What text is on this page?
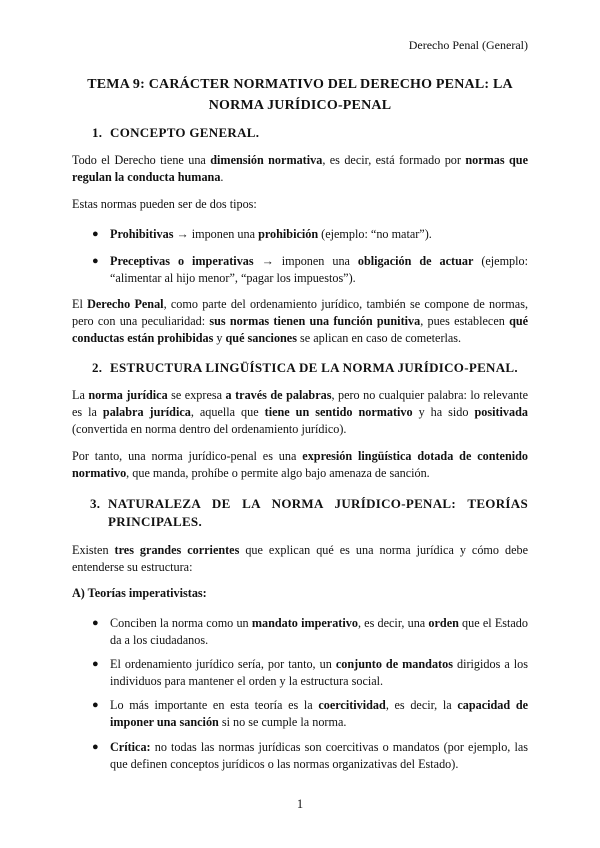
Derecho Penal (General)
TEMA 9: CARÁCTER NORMATIVO DEL DERECHO PENAL: LA
NORMA JURÍDICO-PENAL
1. CONCEPTO GENERAL.
Todo el Derecho tiene una dimensión normativa, es decir, está formado por normas que regulan la conducta humana.
Estas normas pueden ser de dos tipos:
● Prohibitivas → imponen una prohibición (ejemplo: “no matar”).
● Preceptivas o imperativas → imponen una obligación de actuar (ejemplo: “alimentar al hijo menor”, “pagar los impuestos”).
El Derecho Penal, como parte del ordenamiento jurídico, también se compone de normas, pero con una peculiaridad: sus normas tienen una función punitiva, pues establecen qué conductas están prohibidas y qué sanciones se aplican en caso de cometerlas.
2. ESTRUCTURA LINGÜÍSTICA DE LA NORMA JURÍDICO-PENAL.
La norma jurídica se expresa a través de palabras, pero no cualquier palabra: lo relevante es la palabra jurídica, aquella que tiene un sentido normativo y ha sido positivada (convertida en norma dentro del ordenamiento jurídico).
Por tanto, una norma jurídico-penal es una expresión lingüística dotada de contenido normativo, que manda, prohíbe o permite algo bajo amenaza de sanción.
3. NATURALEZA DE LA NORMA JURÍDICO-PENAL: TEORÍAS PRINCIPALES.
Existen tres grandes corrientes que explican qué es una norma jurídica y cómo debe entenderse su estructura:
A) Teorías imperativistas:
● Conciben la norma como un mandato imperativo, es decir, una orden que el Estado da a los ciudadanos.
● El ordenamiento jurídico sería, por tanto, un conjunto de mandatos dirigidos a los individuos para mantener el orden y la estructura social.
● Lo más importante en esta teoría es la coercitividad, es decir, la capacidad de imponer una sanción si no se cumple la norma.
● Crítica: no todas las normas jurídicas son coercitivas o mandatos (por ejemplo, las que definen conceptos jurídicos o las normas organizativas del Estado).
1
